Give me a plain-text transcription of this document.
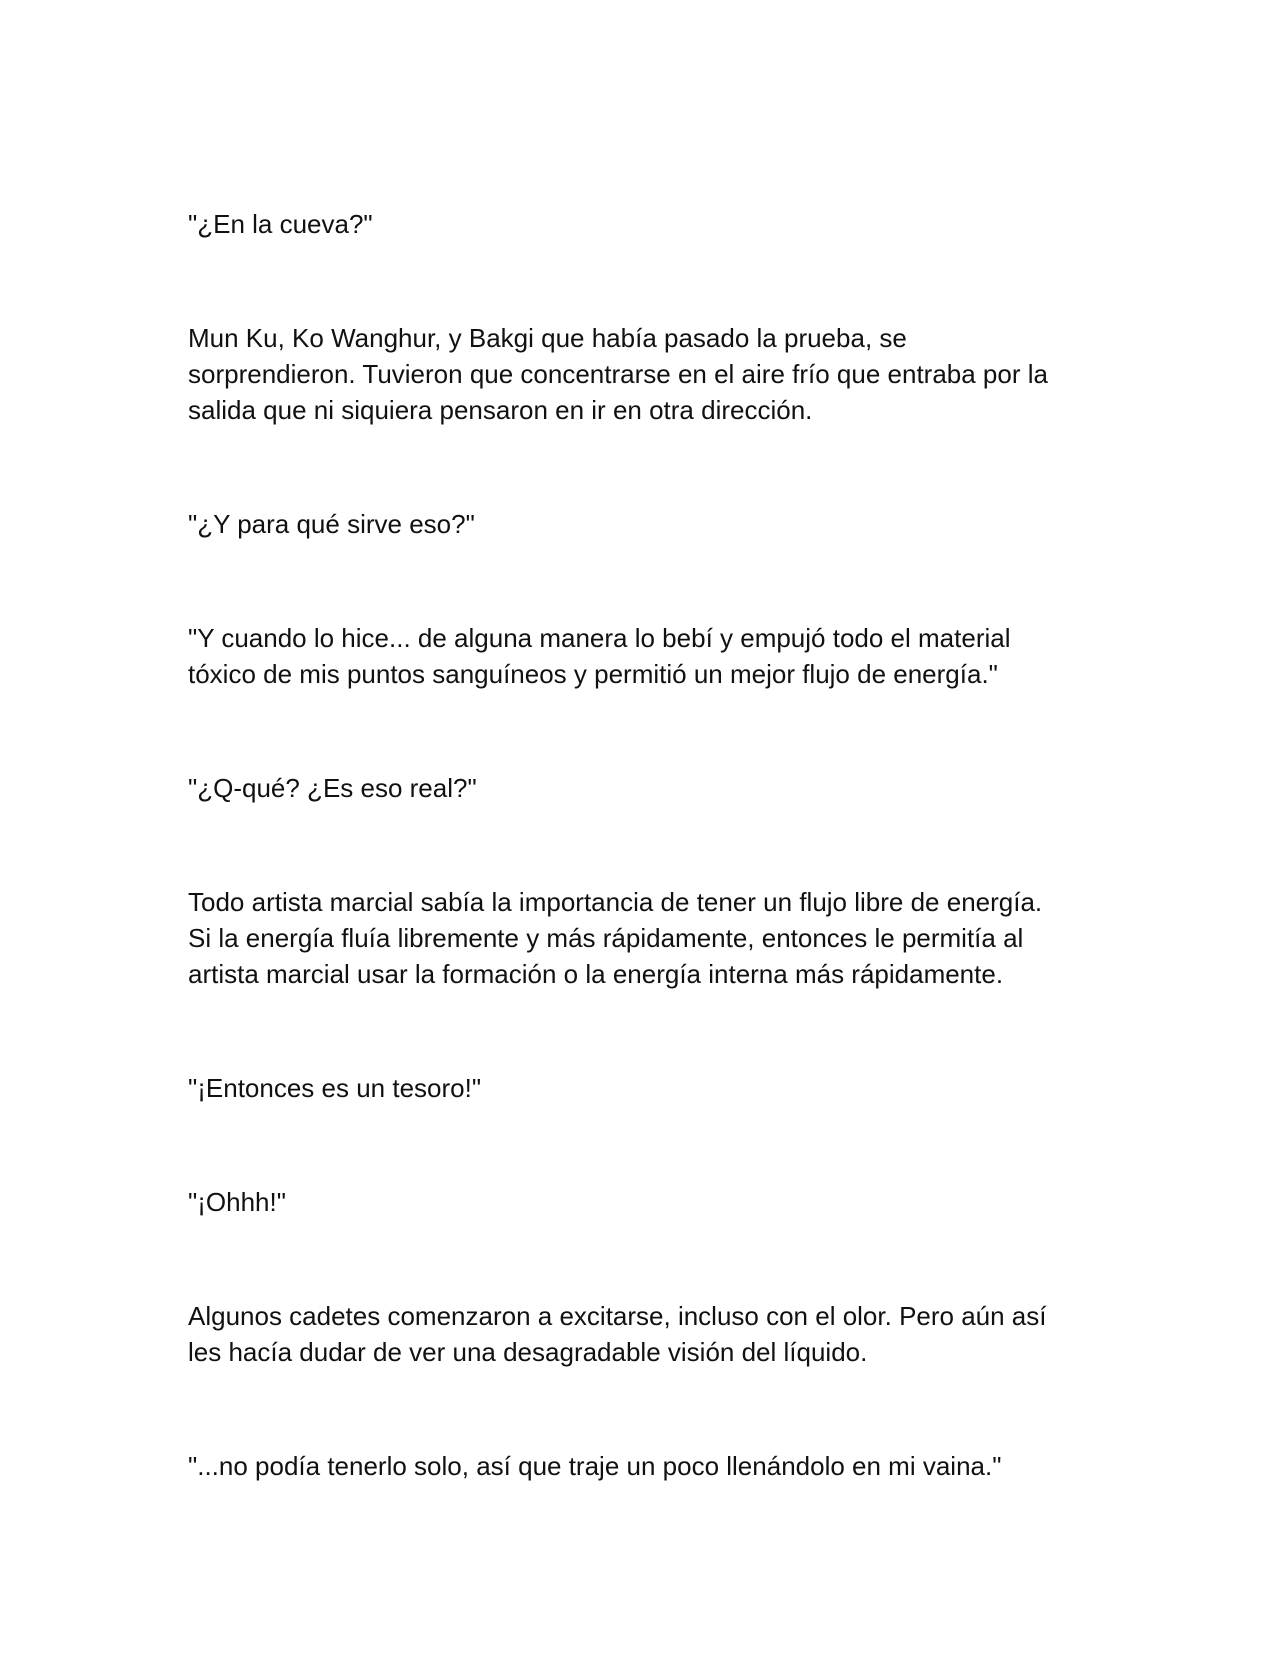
"¿En la cueva?"

Mun Ku, Ko Wanghur, y Bakgi que había pasado la prueba, se
sorprendieron. Tuvieron que concentrarse en el aire frío que entraba por la
salida que ni siquiera pensaron en ir en otra dirección.

"¿Y para qué sirve eso?"

"Y cuando lo hice... de alguna manera lo bebí y empujó todo el material
tóxico de mis puntos sanguíneos y permitió un mejor flujo de energía."

"¿Q-qué? ¿Es eso real?"

Todo artista marcial sabía la importancia de tener un flujo libre de energía.
Si la energía fluía libremente y más rápidamente, entonces le permitía al
artista marcial usar la formación o la energía interna más rápidamente.

"¡Entonces es un tesoro!"

"¡Ohhh!"

Algunos cadetes comenzaron a excitarse, incluso con el olor. Pero aún así
les hacía dudar de ver una desagradable visión del líquido.

"...no podía tenerlo solo, así que traje un poco llenándolo en mi vaina."
